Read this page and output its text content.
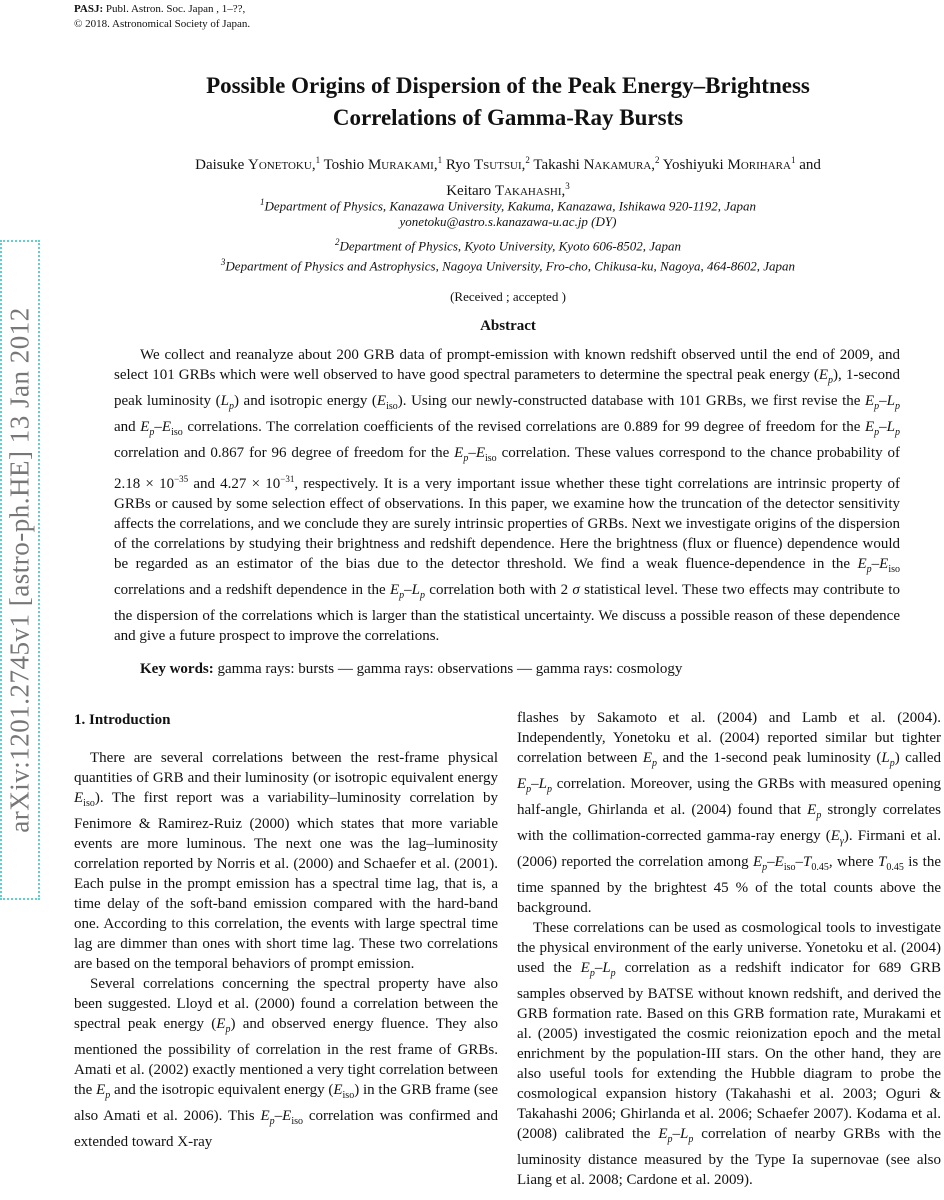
PASJ: Publ. Astron. Soc. Japan , 1–??,
© 2018. Astronomical Society of Japan.
Possible Origins of Dispersion of the Peak Energy–Brightness
Correlations of Gamma-Ray Bursts
Daisuke Yonetoku,$^1$ Toshio Murakami,$^1$ Ryo Tsutsui,$^2$ Takashi Nakamura,$^2$ Yoshiyuki Morihara$^1$ and
Keitaro Takahashi,$^3$
$^1$Department of Physics, Kanazawa University, Kakuma, Kanazawa, Ishikawa 920-1192, Japan
yonetoku@astro.s.kanazawa-u.ac.jp (DY)
$^2$Department of Physics, Kyoto University, Kyoto 606-8502, Japan
$^3$Department of Physics and Astrophysics, Nagoya University, Fro-cho, Chikusa-ku, Nagoya, 464-8602, Japan
(Received ; accepted )
Abstract
We collect and reanalyze about 200 GRB data of prompt-emission with known redshift observed until the end of 2009, and select 101 GRBs which were well observed to have good spectral parameters to determine the spectral peak energy $(E_p)$, 1-second peak luminosity $(L_p)$ and isotropic energy $(E_{iso})$. Using our newly-constructed database with 101 GRBs, we first revise the $E_p-L_p$ and $E_p-E_{iso}$ correlations. The correlation coefficients of the revised correlations are 0.889 for 99 degree of freedom for the $E_p-L_p$ correlation and 0.867 for 96 degree of freedom for the $E_p-E_{iso}$ correlation. These values correspond to the chance probability of $2.18 \times 10^{-35}$ and $4.27 \times 10^{-31}$, respectively. It is a very important issue whether these tight correlations are intrinsic property of GRBs or caused by some selection effect of observations. In this paper, we examine how the truncation of the detector sensitivity affects the correlations, and we conclude they are surely intrinsic properties of GRBs. Next we investigate origins of the dispersion of the correlations by studying their brightness and redshift dependence. Here the brightness (flux or fluence) dependence would be regarded as an estimator of the bias due to the detector threshold. We find a weak fluence-dependence in the $E_p-E_{iso}$ correlations and a redshift dependence in the $E_p-L_p$ correlation both with 2 σ statistical level. These two effects may contribute to the dispersion of the correlations which is larger than the statistical uncertainty. We discuss a possible reason of these dependence and give a future prospect to improve the correlations.
Key words: gamma rays: bursts — gamma rays: observations — gamma rays: cosmology
1. Introduction

There are several correlations between the rest-frame physical quantities of GRB and their luminosity (or isotropic equivalent energy $E_{iso}$). The first report was a variability–luminosity correlation by Fenimore & Ramirez-Ruiz (2000) which states that more variable events are more luminous. The next one was the lag–luminosity correlation reported by Norris et al. (2000) and Schaefer et al. (2001). Each pulse in the prompt emission has a spectral time lag, that is, a time delay of the soft-band emission compared with the hard-band one. According to this correlation, the events with large spectral time lag are dimmer than ones with short time lag. These two correlations are based on the temporal behaviors of prompt emission.

Several correlations concerning the spectral property have also been suggested. Lloyd et al. (2000) found a correlation between the spectral peak energy $(E_p)$ and observed energy fluence. They also mentioned the possibility of correlation in the rest frame of GRBs. Amati et al. (2002) exactly mentioned a very tight correlation between the $E_p$ and the isotropic equivalent energy $(E_{iso})$ in the GRB frame (see also Amati et al. 2006). This $E_p-E_{iso}$ correlation was confirmed and extended toward X-ray

flashes by Sakamoto et al. (2004) and Lamb et al. (2004). Independently, Yonetoku et al. (2004) reported similar but tighter correlation between $E_p$ and the 1-second peak luminosity $(L_p)$ called $E_p-L_p$ correlation. Moreover, using the GRBs with measured opening half-angle, Ghirlanda et al. (2004) found that $E_p$ strongly correlates with the collimation-corrected gamma-ray energy $(E_\gamma)$. Firmani et al. (2006) reported the correlation among $E_p-E_{iso}-T_{0.45}$, where $T_{0.45}$ is the time spanned by the brightest 45 % of the total counts above the background.

These correlations can be used as cosmological tools to investigate the physical environment of the early universe. Yonetoku et al. (2004) used the $E_p-L_p$ correlation as a redshift indicator for 689 GRB samples observed by BATSE without known redshift, and derived the GRB formation rate. Based on this GRB formation rate, Murakami et al. (2005) investigated the cosmic reionization epoch and the metal enrichment by the population-III stars. On the other hand, they are also useful tools for extending the Hubble diagram to probe the cosmological expansion history (Takahashi et al. 2003; Oguri & Takahashi 2006; Ghirlanda et al. 2006; Schaefer 2007). Kodama et al. (2008) calibrated the $E_p-L_p$ correlation of nearby GRBs with the luminosity distance measured by the Type Ia supernovae (see also Liang et al. 2008; Cardone et al. 2009).

arXiv:1201.2745v1 [astro-ph.HE] 13 Jan 2012
